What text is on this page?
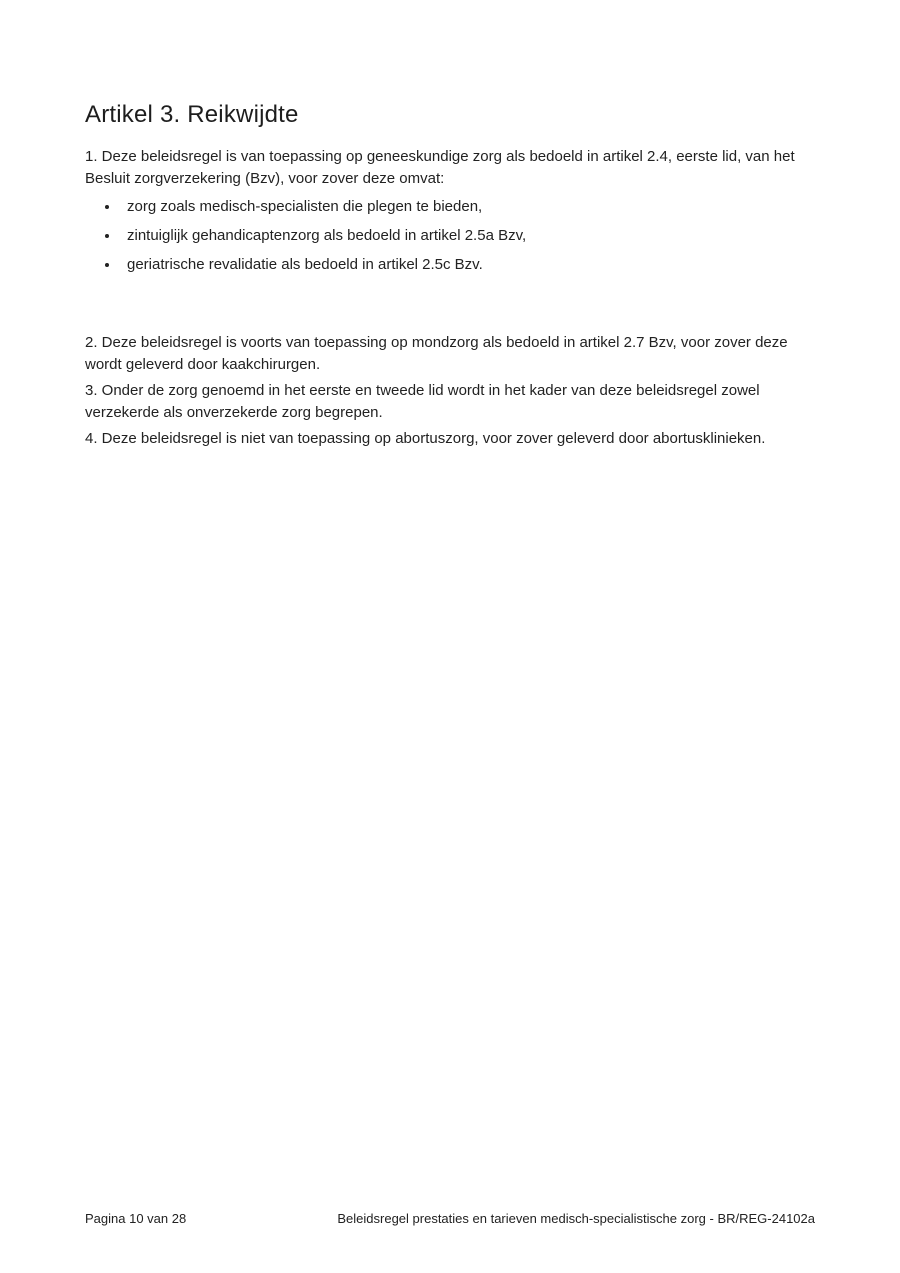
Artikel 3. Reikwijdte

1. Deze beleidsregel is van toepassing op geneeskundige zorg als bedoeld in artikel 2.4, eerste lid, van het Besluit zorgverzekering (Bzv), voor zover deze omvat:

zorg zoals medisch-specialisten die plegen te bieden,
zintuiglijk gehandicaptenzorg als bedoeld in artikel 2.5a Bzv,
geriatrische revalidatie als bedoeld in artikel 2.5c Bzv.

2. Deze beleidsregel is voorts van toepassing op mondzorg als bedoeld in artikel 2.7 Bzv, voor zover deze wordt geleverd door kaakchirurgen.

3. Onder de zorg genoemd in het eerste en tweede lid wordt in het kader van deze beleidsregel zowel verzekerde als onverzekerde zorg begrepen.

4. Deze beleidsregel is niet van toepassing op abortuszorg, voor zover geleverd door abortusklinieken.

Pagina 10 van 28	Beleidsregel prestaties en tarieven medisch-specialistische zorg - BR/REG-24102a
